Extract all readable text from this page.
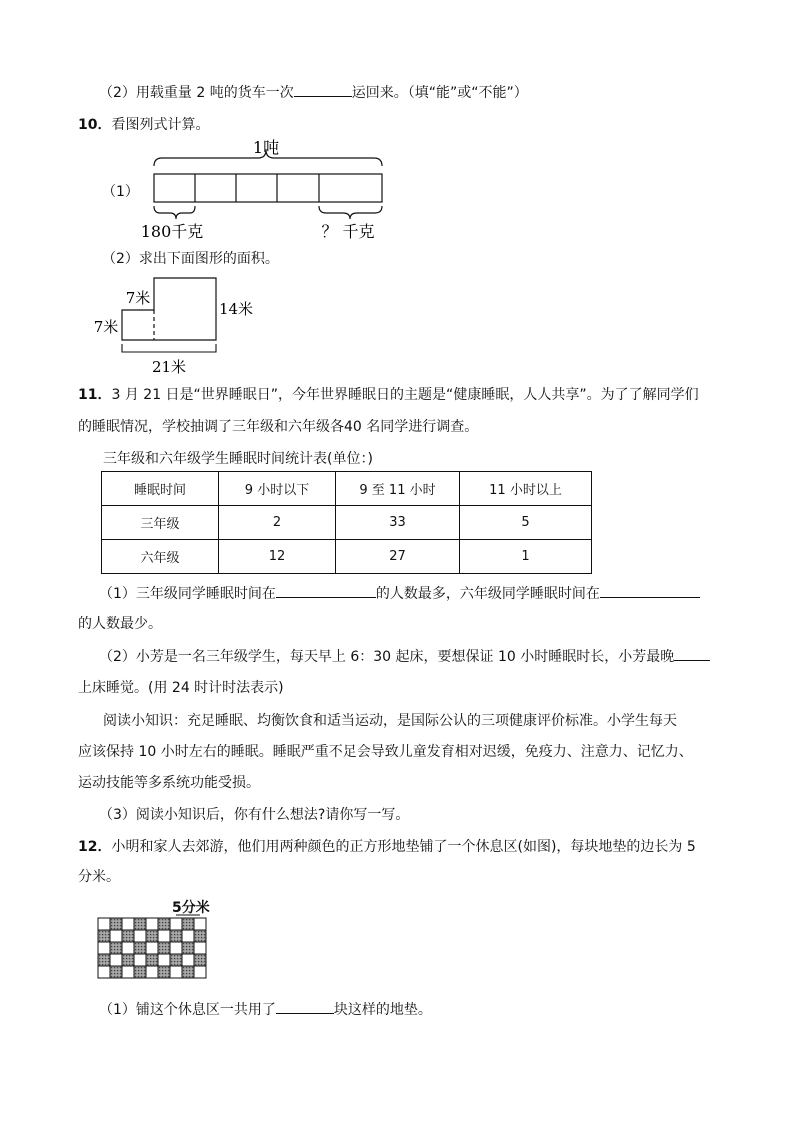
（2）用载重量 2 吨的货车一次	运回来。（填“能”或“不能”）
10．看图列式计算。
（1）
1吨
180千克	？ 千克
（2）求出下面图形的面积。
7米
7米
14米
21米
11．3 月 21 日是“世界睡眠日”，今年世界睡眠日的主题是“健康睡眠，人人共享”。为了了解同学们
的睡眠情况，学校抽调了三年级和六年级各40 名同学进行调查。
三年级和六年级学生睡眠时间统计表(单位：)
睡眠时间	9 小时以下	9 至 11 小时	11 小时以上
三年级	2	33	5
六年级	12	27	1
（1）三年级同学睡眠时间在	的人数最多，六年级同学睡眠时间在
的人数最少。
（2）小芳是一名三年级学生，每天早上 6：30 起床，要想保证 10 小时睡眠时长，小芳最晚
上床睡觉。(用 24 时计时法表示)
阅读小知识：充足睡眠、均衡饮食和适当运动，是国际公认的三项健康评价标准。小学生每天
应该保持 10 小时左右的睡眠。睡眠严重不足会导致儿童发育相对迟缓，免疫力、注意力、记忆力、
运动技能等多系统功能受损。
（3）阅读小知识后，你有什么想法?请你写一写。
12．小明和家人去郊游，他们用两种颜色的正方形地垫铺了一个休息区(如图)，每块地垫的边长为 5
分米。
5分米
（1）铺这个休息区一共用了	块这样的地垫。
